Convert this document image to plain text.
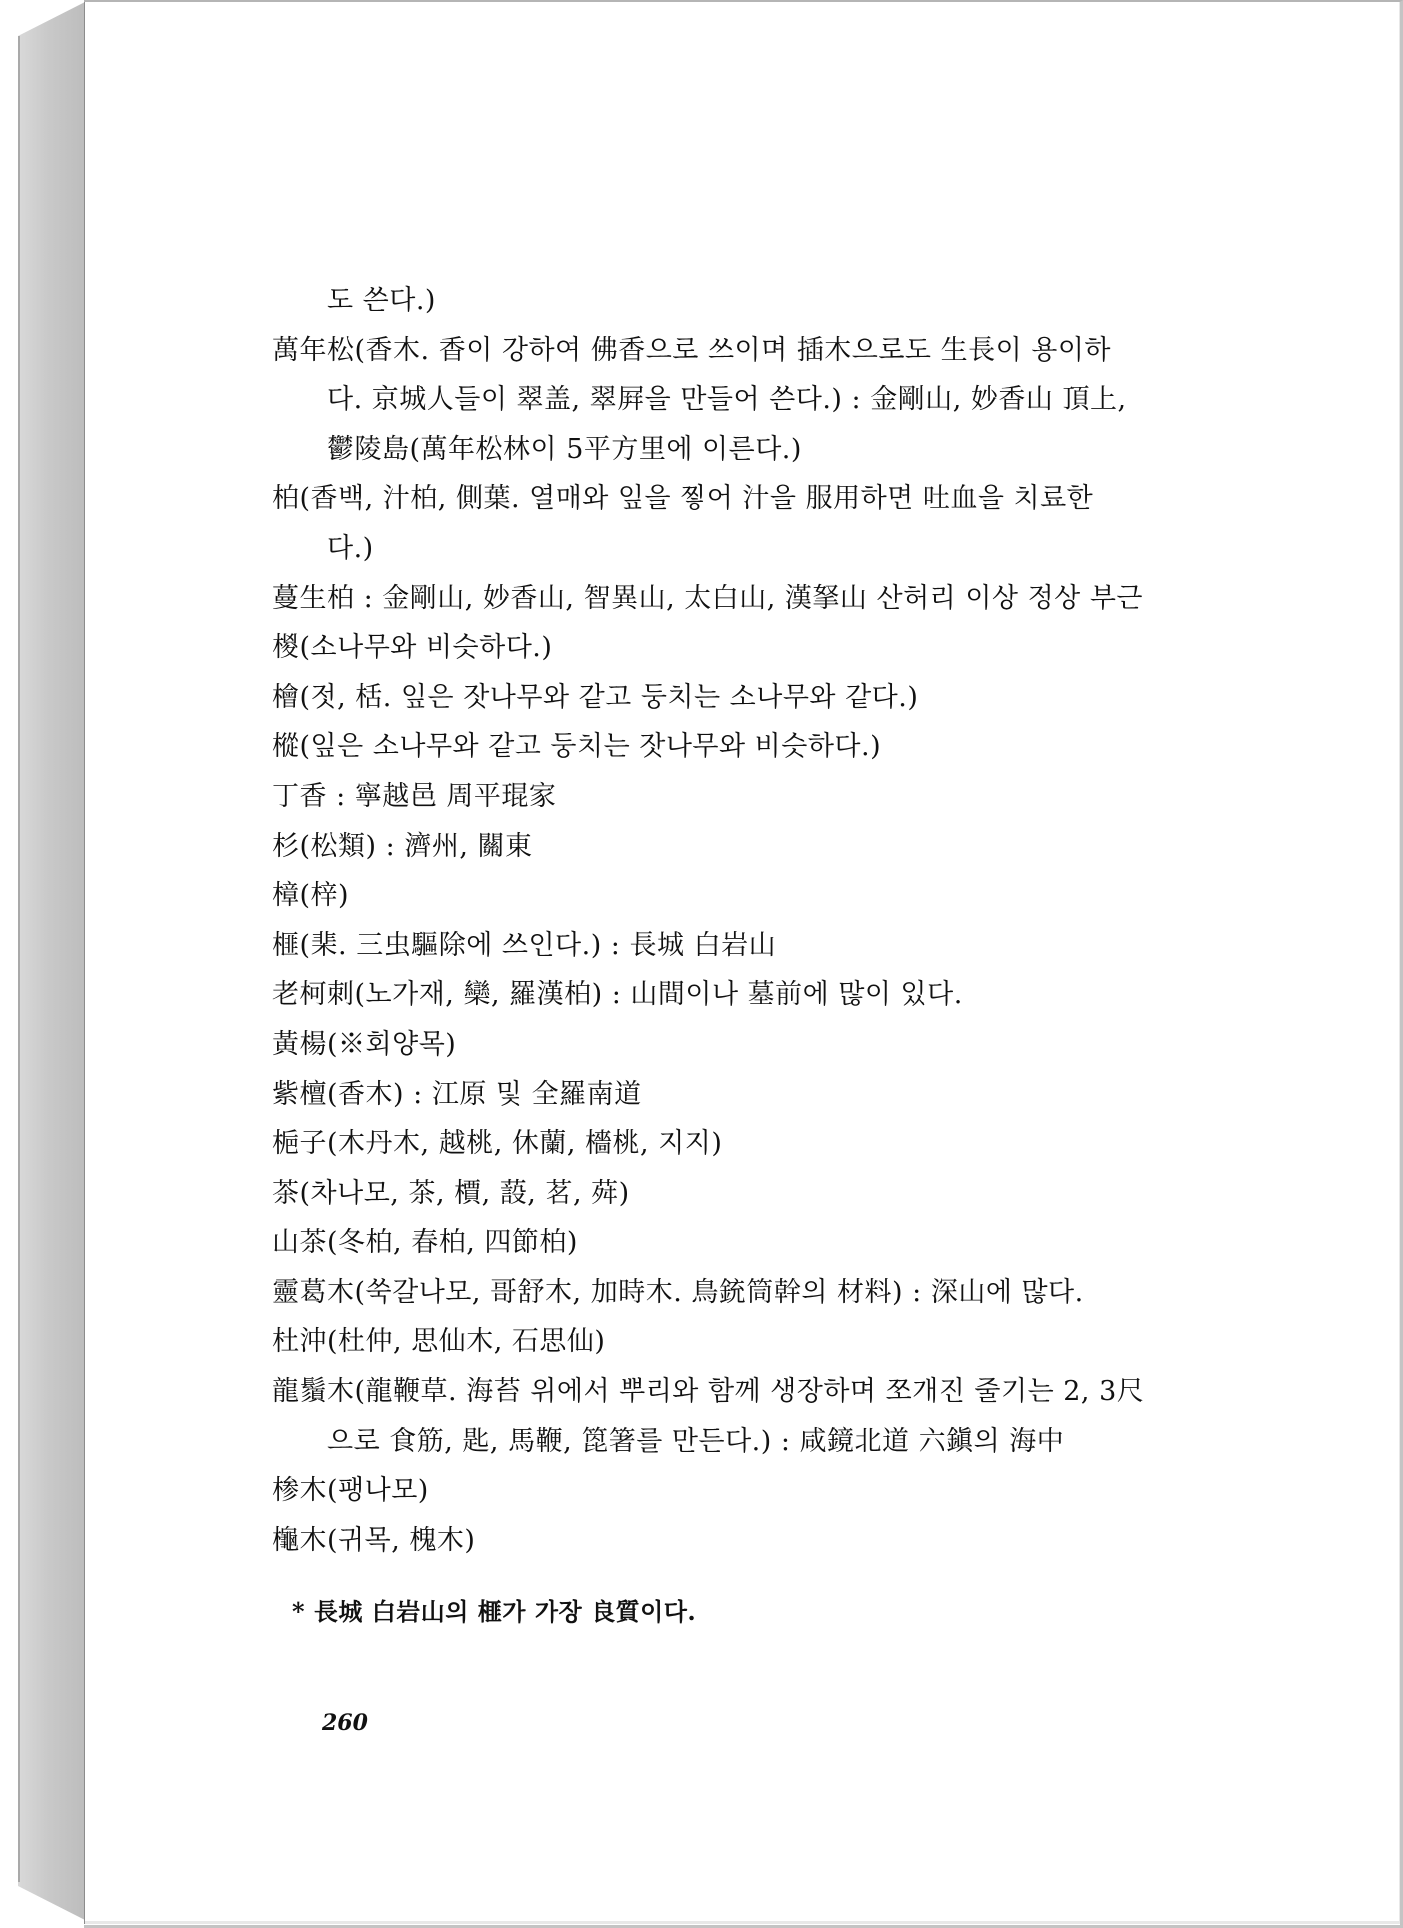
도 쓴다.)
萬年松(香木. 香이 강하여 佛香으로 쓰이며 插木으로도 生長이 용이하
다. 京城人들이 翠盖, 翠屛을 만들어 쓴다.) : 金剛山, 妙香山 頂上,
鬱陵島(萬年松林이 5平方里에 이른다.)
柏(香백, 汁柏, 側葉. 열매와 잎을 찧어 汁을 服用하면 吐血을 치료한
다.)
蔓生柏 : 金剛山, 妙香山, 智異山, 太白山, 漢拏山 산허리 이상 정상 부근
椶(소나무와 비슷하다.)
檜(젓, 栝. 잎은 잣나무와 같고 둥치는 소나무와 같다.)
樅(잎은 소나무와 같고 둥치는 잣나무와 비슷하다.)
丁香 : 寧越邑 周平琨家
杉(松類) : 濟州, 關東
樟(梓)
榧(棐. 三虫驅除에 쓰인다.) : 長城 白岩山
老柯刺(노가재, 欒, 羅漢柏) : 山間이나 墓前에 많이 있다.
黃楊(※회양목)
紫檀(香木) : 江原 및 全羅南道
梔子(木丹木, 越桃, 休蘭, 檣桃, 지지)
茶(차나모, 茶, 檟, 蔎, 茗, 荈)
山茶(冬柏, 春柏, 四節柏)
靈葛木(쑥갈나모, 哥舒木, 加時木. 鳥銃筒幹의 材料) : 深山에 많다.
杜沖(杜仲, 思仙木, 石思仙)
龍鬚木(龍鞭草. 海苔 위에서 뿌리와 함께 생장하며 쪼개진 줄기는 2, 3尺
으로 食筋, 匙, 馬鞭, 箆箸를 만든다.) : 咸鏡北道 六鎭의 海中
椮木(팽나모)
櫷木(귀목, 槐木)
* 長城 白岩山의 榧가 가장 良質이다.
260
